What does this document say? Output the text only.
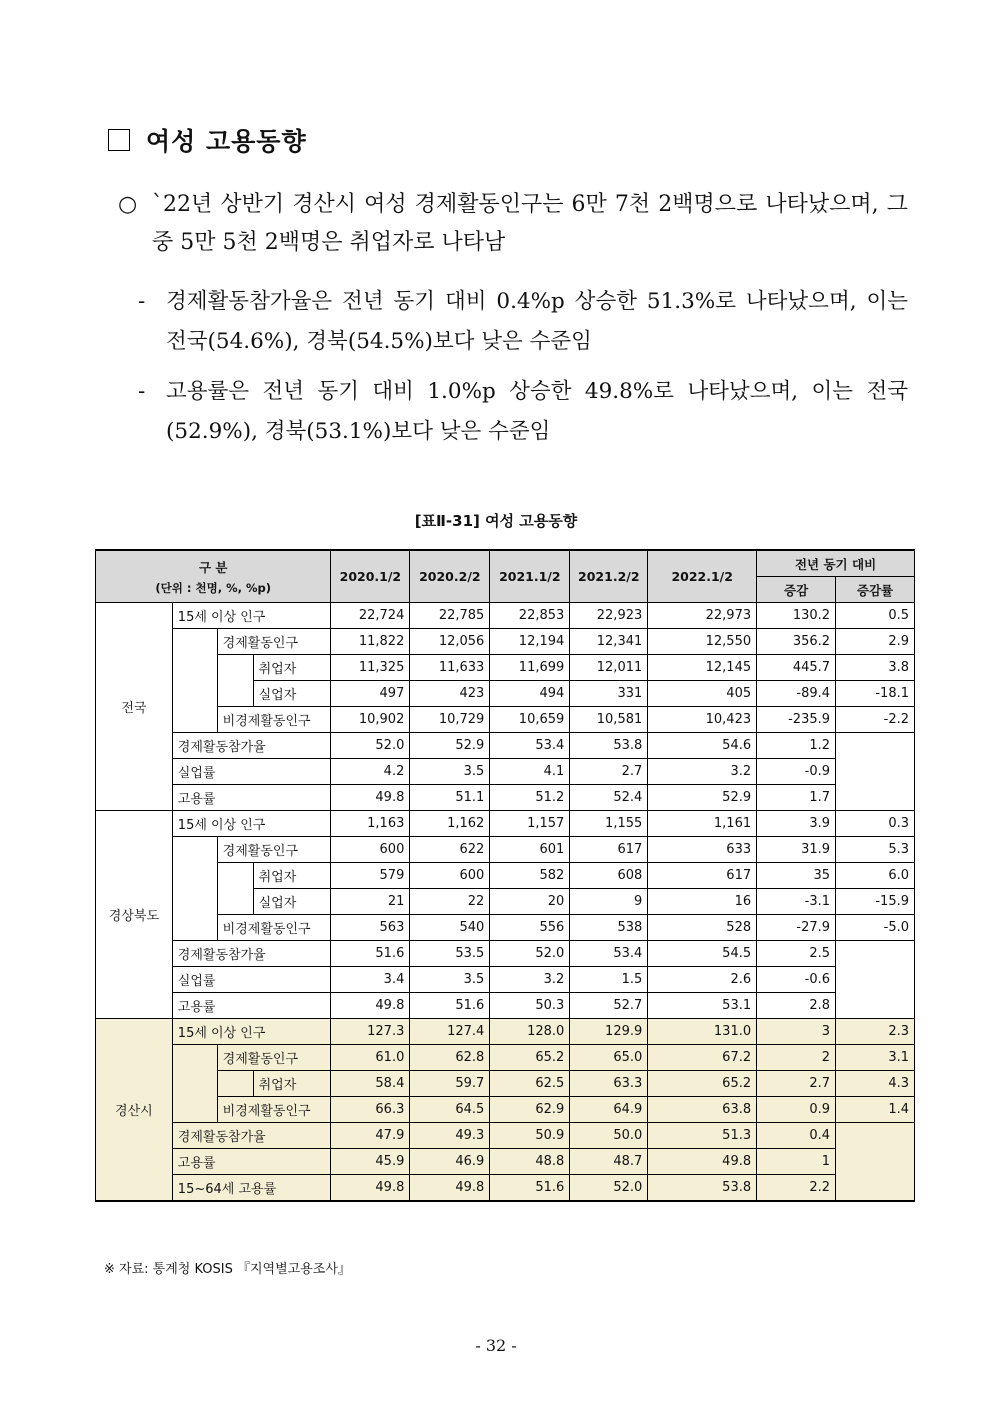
여성 고용동향
○ `22년 상반기 경산시 여성 경제활동인구는 6만 7천 2백명으로 나타났으며, 그 중 5만 5천 2백명은 취업자로 나타남
- 경제활동참가율은 전년 동기 대비 0.4%p 상승한 51.3%로 나타났으며, 이는 전국(54.6%), 경북(54.5%)보다 낮은 수준임
- 고용률은 전년 동기 대비 1.0%p 상승한 49.8%로 나타났으며, 이는 전국(52.9%), 경북(53.1%)보다 낮은 수준임
[표Ⅱ-31] 여성 고용동향
구 분
(단위 : 천명, %, %p)				2020.1/2	2020.2/2	2021.1/2	2021.2/2	2022.1/2	전년 동기 대비	
									증감	증감률
전국	15세 이상 인구			22,724	22,785	22,853	22,923	22,973	130.2	0.5
		경제활동인구		11,822	12,056	12,194	12,341	12,550	356.2	2.9
			취업자	11,325	11,633	11,699	12,011	12,145	445.7	3.8
			실업자	497	423	494	331	405	-89.4	-18.1
		비경제활동인구		10,902	10,729	10,659	10,581	10,423	-235.9	-2.2
	경제활동참가율			52.0	52.9	53.4	53.8	54.6	1.2	
	실업률			4.2	3.5	4.1	2.7	3.2	-0.9	
	고용률			49.8	51.1	51.2	52.4	52.9	1.7	
경상북도	15세 이상 인구			1,163	1,162	1,157	1,155	1,161	3.9	0.3
		경제활동인구		600	622	601	617	633	31.9	5.3
			취업자	579	600	582	608	617	35	6.0
			실업자	21	22	20	9	16	-3.1	-15.9
		비경제활동인구		563	540	556	538	528	-27.9	-5.0
	경제활동참가율			51.6	53.5	52.0	53.4	54.5	2.5	
	실업률			3.4	3.5	3.2	1.5	2.6	-0.6	
	고용률			49.8	51.6	50.3	52.7	53.1	2.8	
경산시	15세 이상 인구			127.3	127.4	128.0	129.9	131.0	3	2.3
		경제활동인구		61.0	62.8	65.2	65.0	67.2	2	3.1
			취업자	58.4	59.7	62.5	63.3	65.2	2.7	4.3
		비경제활동인구		66.3	64.5	62.9	64.9	63.8	0.9	1.4
	경제활동참가율			47.9	49.3	50.9	50.0	51.3	0.4	
	고용률			45.9	46.9	48.8	48.7	49.8	1	
	15~64세 고용률			49.8	49.8	51.6	52.0	53.8	2.2	
※ 자료: 통계청 KOSIS 『지역별고용조사』
- 32 -
